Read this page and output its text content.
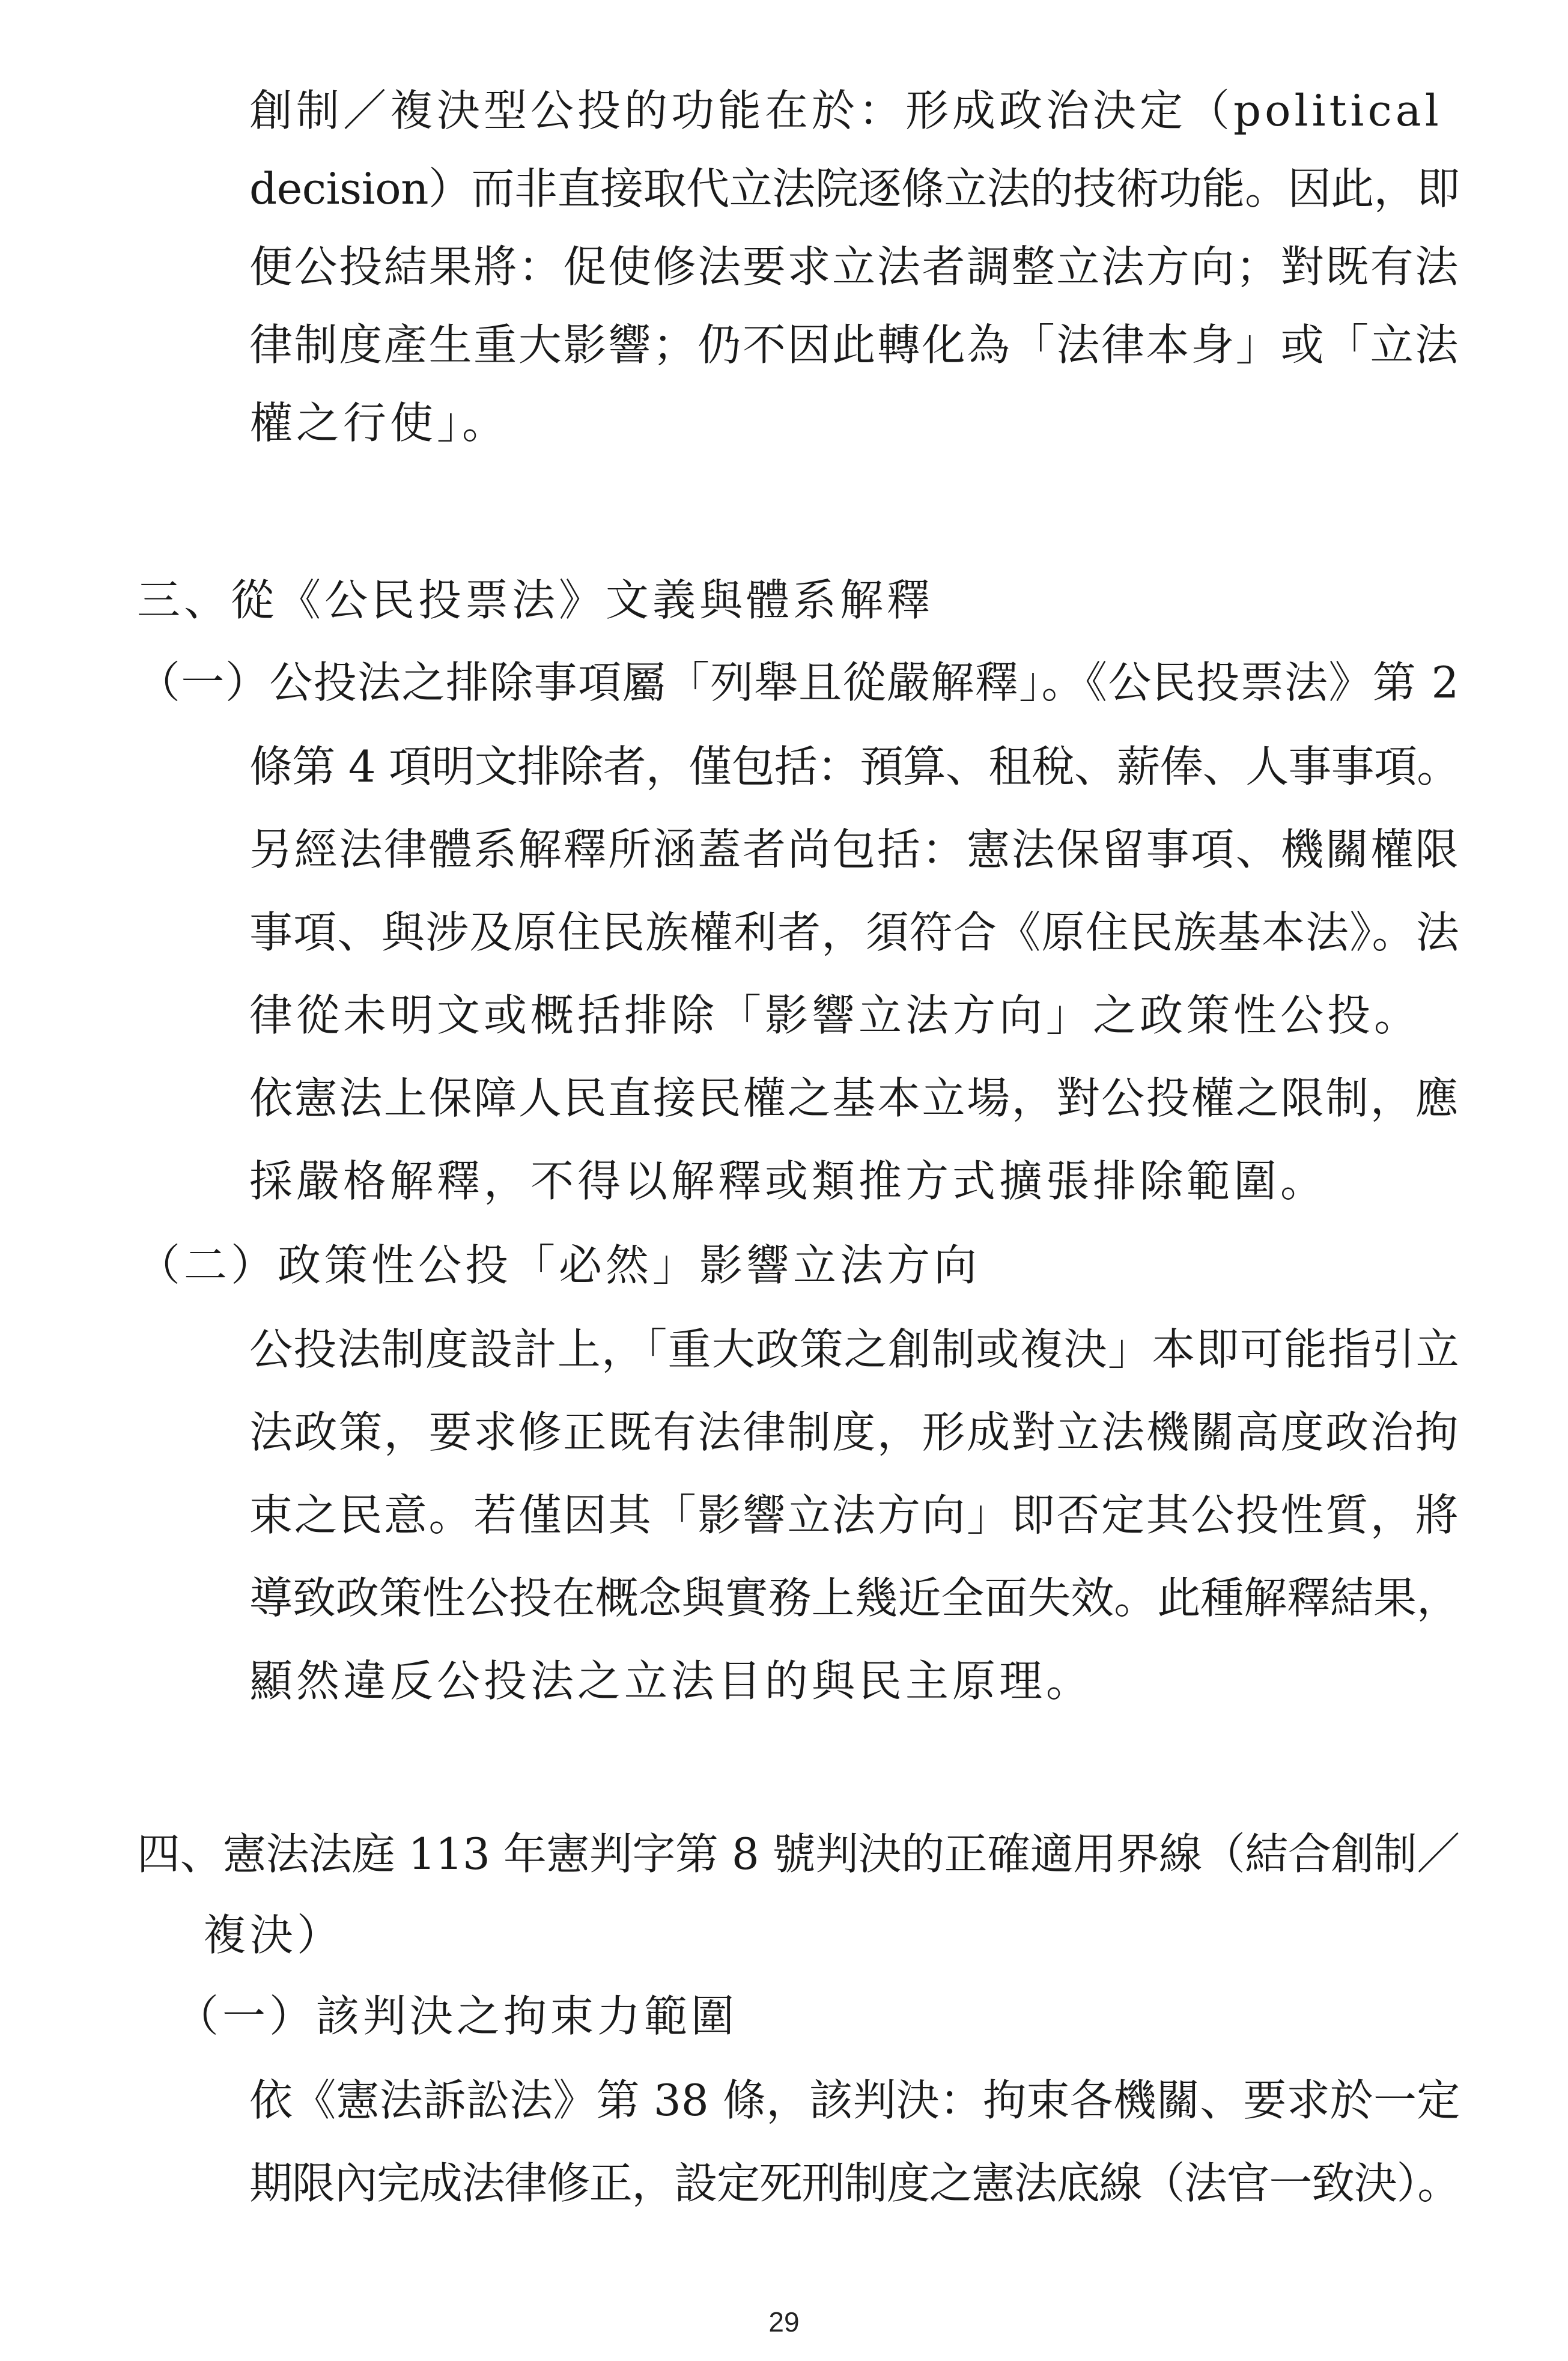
創制／複決型公投的功能在於：形成政治決定（political
decision）而非直接取代立法院逐條立法的技術功能。因此，即
便公投結果將：促使修法要求立法者調整立法方向；對既有法
律制度產生重大影響；仍不因此轉化為「法律本身」或「立法
權之行使」。
三、從《公民投票法》文義與體系解釋
（一）公投法之排除事項屬「列舉且從嚴解釋」。《公民投票法》第 2
條第 4 項明文排除者，僅包括：預算、租稅、薪俸、人事事項。
另經法律體系解釋所涵蓋者尚包括：憲法保留事項、機關權限
事項、與涉及原住民族權利者，須符合《原住民族基本法》。法
律從未明文或概括排除「影響立法方向」之政策性公投。
依憲法上保障人民直接民權之基本立場，對公投權之限制，應
採嚴格解釋，不得以解釋或類推方式擴張排除範圍。
（二）政策性公投「必然」影響立法方向
公投法制度設計上，「重大政策之創制或複決」本即可能指引立
法政策，要求修正既有法律制度，形成對立法機關高度政治拘
束之民意。若僅因其「影響立法方向」即否定其公投性質，將
導致政策性公投在概念與實務上幾近全面失效。此種解釋結果，
顯然違反公投法之立法目的與民主原理。
四、憲法法庭 113 年憲判字第 8 號判決的正確適用界線（結合創制／
複決）
（一）該判決之拘束力範圍
依《憲法訴訟法》第 38 條，該判決：拘束各機關、要求於一定
期限內完成法律修正，設定死刑制度之憲法底線（法官一致決）。
29
